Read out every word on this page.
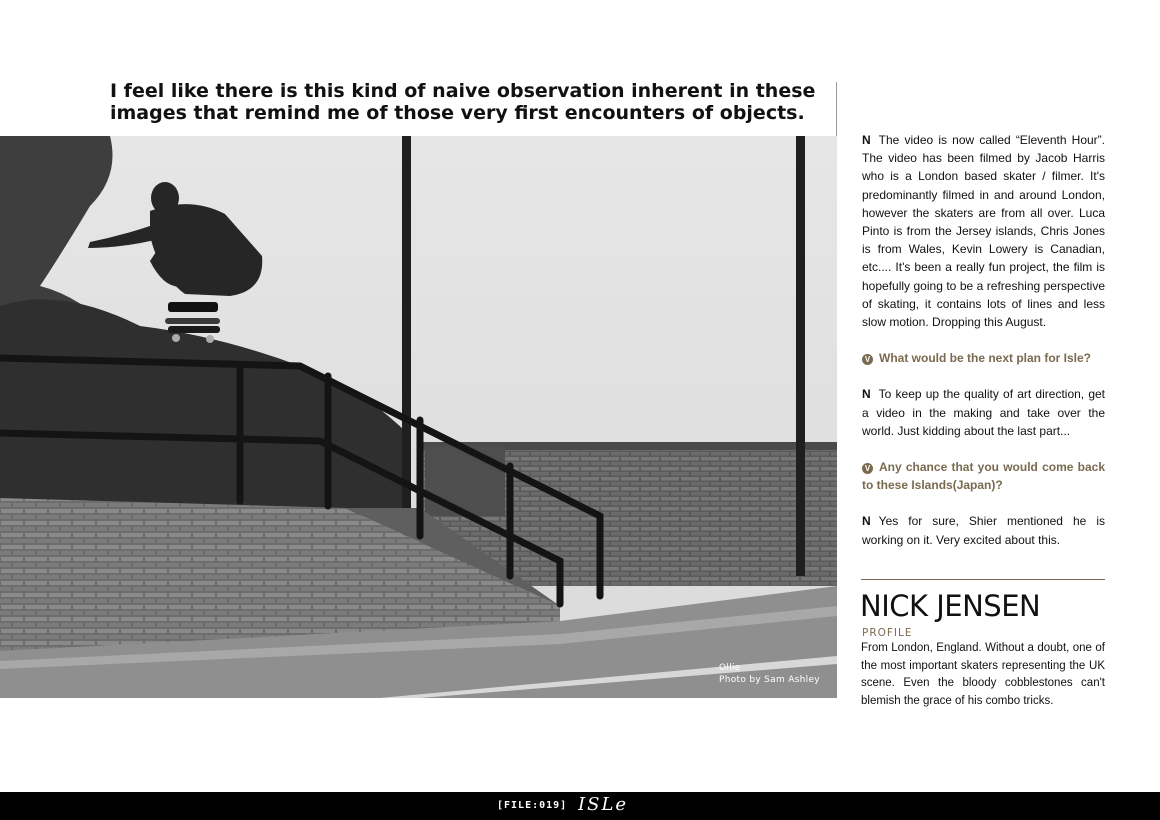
I feel like there is this kind of naive observation inherent in these images that remind me of those very first encounters of objects.
Ollie
Photo by Sam Ashley

N The video is now called “Eleventh Hour”. The video has been filmed by Jacob Harris who is a London based skater / filmer. It's predominantly filmed in and around London, however the skaters are from all over. Luca Pinto is from the Jersey islands, Chris Jones is from Wales, Kevin Lowery is Canadian, etc.... It's been a really fun project, the film is hopefully going to be a refreshing perspective of skating, it contains lots of lines and less slow motion. Dropping this August.

V What would be the next plan for Isle?

N To keep up the quality of art direction, get a video in the making and take over the world. Just kidding about the last part...

V Any chance that you would come back to these Islands(Japan)?

N Yes for sure, Shier mentioned he is working on it. Very excited about this.

NICK JENSEN
PROFILE

From London, England. Without a doubt, one of the most important skaters representing the UK scene. Even the bloody cobblestones can't blemish the grace of his combo tricks.

[FILE:019] ISLe
